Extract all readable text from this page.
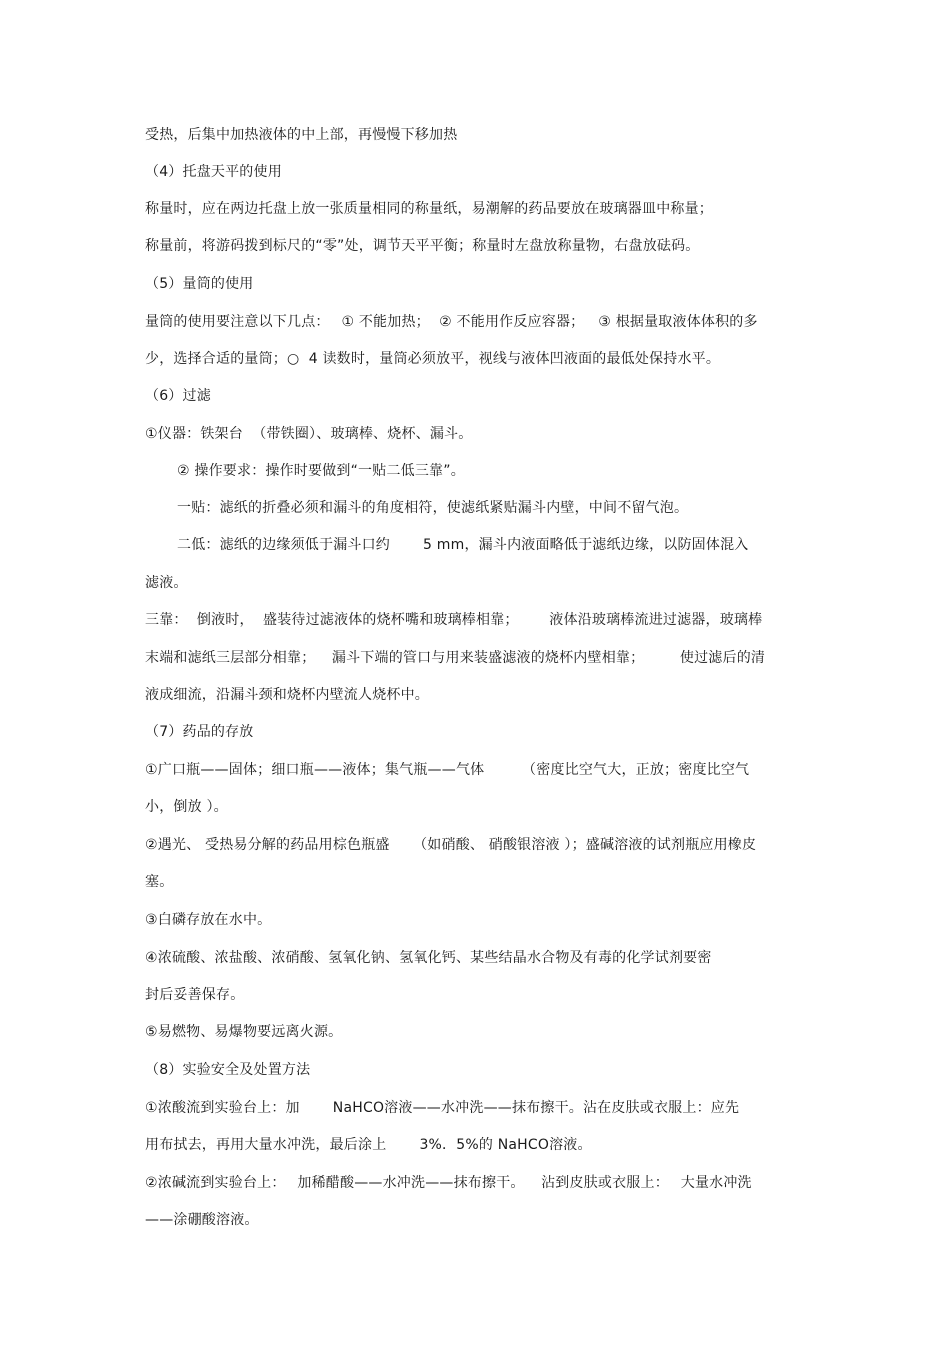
受热，后集中加热液体的中上部，再慢慢下移加热
（4）托盘天平的使用
称量时，应在两边托盘上放一张质量相同的称量纸，易潮解的药品要放在玻璃器皿中称量；
称量前，将游码拨到标尺的“零”处，调节天平平衡；称量时左盘放称量物，右盘放砝码。
（5）量筒的使用
量筒的使用要注意以下几点：　 ① 不能加热；  ② 不能用作反应容器；   ③ 根据量取液体体积的多
少，选择合适的量筒；○  4 读数时，量筒必须放平，视线与液体凹液面的最低处保持水平。
（6）过滤
①仪器：铁架台  （带铁圈）、玻璃棒、烧杯、漏斗。
② 操作要求：操作时要做到“一贴二低三靠”。
一贴：滤纸的折叠必须和漏斗的角度相符，使滤纸紧贴漏斗内壁，中间不留气泡。
二低：滤纸的边缘须低于漏斗口约　　 5 mm，漏斗内液面略低于滤纸边缘，以防固体混入
滤液。
三靠：  倒液时，  盛装待过滤液体的烧杯嘴和玻璃棒相靠；　　  液体沿玻璃棒流进过滤器，玻璃棒
末端和滤纸三层部分相靠；　  漏斗下端的管口与用来装盛滤液的烧杯内壁相靠；　　　使过滤后的清
液成细流，沿漏斗颈和烧杯内壁流人烧杯中。
（7）药品的存放
①广口瓶——固体；细口瓶——液体；集气瓶——气体　　  （密度比空气大，正放；密度比空气
小，倒放 ）。
②遇光、 受热易分解的药品用棕色瓶盛　  （如硝酸、 硝酸银溶液 ）；盛碱溶液的试剂瓶应用橡皮
塞。
③白磷存放在水中。
④浓硫酸、浓盐酸、浓硝酸、氢氧化钠、氢氧化钙、某些结晶水合物及有毒的化学试剂要密
封后妥善保存。
⑤易燃物、易爆物要远离火源。
（8）实验安全及处置方法
①浓酸流到实验台上：加　　 NaHCO溶液——水冲洗——抹布擦干。沾在皮肤或衣服上：应先
用布拭去，再用大量水冲洗，最后涂上　　 3%．5%的 NaHCO溶液。
②浓碱流到实验台上：　 加稀醋酸——水冲洗——抹布擦干。　  沾到皮肤或衣服上：　 大量水冲洗
——涂硼酸溶液。
